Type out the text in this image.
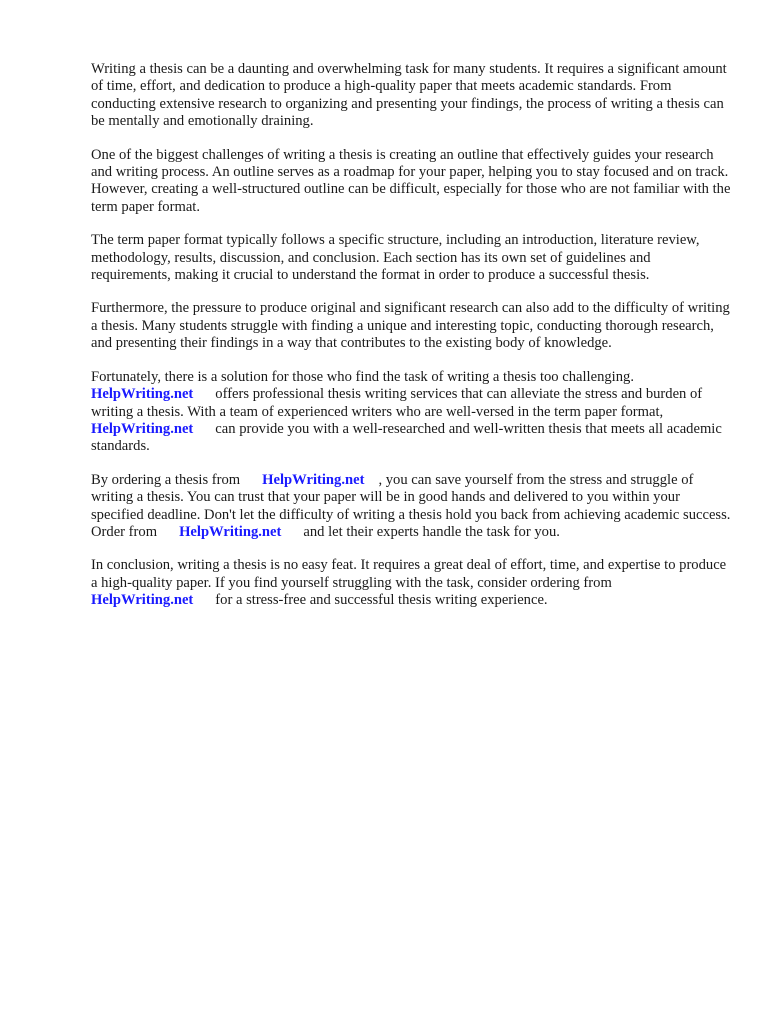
Writing a thesis can be a daunting and overwhelming task for many students. It requires a significant amount of time, effort, and dedication to produce a high-quality paper that meets academic standards. From conducting extensive research to organizing and presenting your findings, the process of writing a thesis can be mentally and emotionally draining.

One of the biggest challenges of writing a thesis is creating an outline that effectively guides your research and writing process. An outline serves as a roadmap for your paper, helping you to stay focused and on track. However, creating a well-structured outline can be difficult, especially for those who are not familiar with the term paper format.

The term paper format typically follows a specific structure, including an introduction, literature review, methodology, results, discussion, and conclusion. Each section has its own set of guidelines and requirements, making it crucial to understand the format in order to produce a successful thesis.

Furthermore, the pressure to produce original and significant research can also add to the difficulty of writing a thesis. Many students struggle with finding a unique and interesting topic, conducting thorough research, and presenting their findings in a way that contributes to the existing body of knowledge.

Fortunately, there is a solution for those who find the task of writing a thesis too challenging.
HelpWriting.net offers professional thesis writing services that can alleviate the stress and burden of writing a thesis. With a team of experienced writers who are well-versed in the term paper format,HelpWriting.net can provide you with a well-researched and well-written thesis that meets all academic standards.

By ordering a thesis from HelpWriting.net , you can save yourself from the stress and struggle of writing a thesis. You can trust that your paper will be in good hands and delivered to you within your specified deadline. Don't let the difficulty of writing a thesis hold you back from achieving academic success. Order from HelpWriting.net and let their experts handle the task for you.

In conclusion, writing a thesis is no easy feat. It requires a great deal of effort, time, and expertise to produce a high-quality paper. If you find yourself struggling with the task, consider ordering from
HelpWriting.net for a stress-free and successful thesis writing experience.
